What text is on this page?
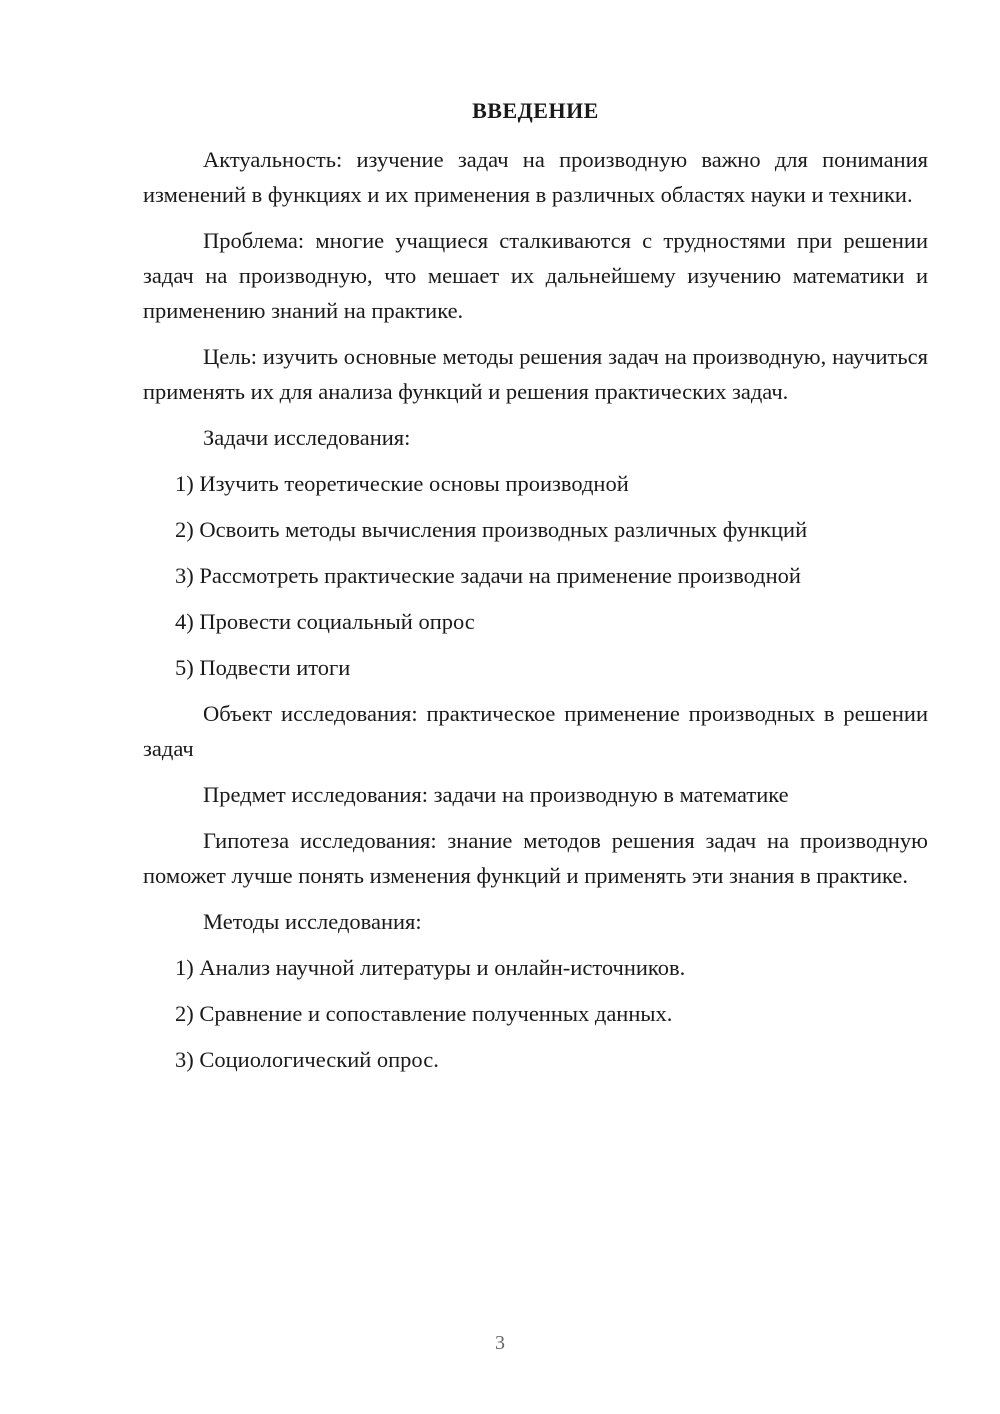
ВВЕДЕНИЕ

Актуальность: изучение задач на производную важно для понимания изменений в функциях и их применения в различных областях науки и техники.

Проблема: многие учащиеся сталкиваются с трудностями при решении задач на производную, что мешает их дальнейшему изучению математики и применению знаний на практике.

Цель: изучить основные методы решения задач на производную, научиться применять их для анализа функций и решения практических задач.

Задачи исследования:

1) Изучить теоретические основы производной

2) Освоить методы вычисления производных различных функций

3) Рассмотреть практические задачи на применение производной

4) Провести социальный опрос

5) Подвести итоги

Объект исследования: практическое применение производных в решении задач

Предмет исследования: задачи на производную в математике

Гипотеза исследования: знание методов решения задач на производную поможет лучше понять изменения функций и применять эти знания в практике.

Методы исследования:

1) Анализ научной литературы и онлайн-источников.

2) Сравнение и сопоставление полученных данных.

3) Социологический опрос.

3
